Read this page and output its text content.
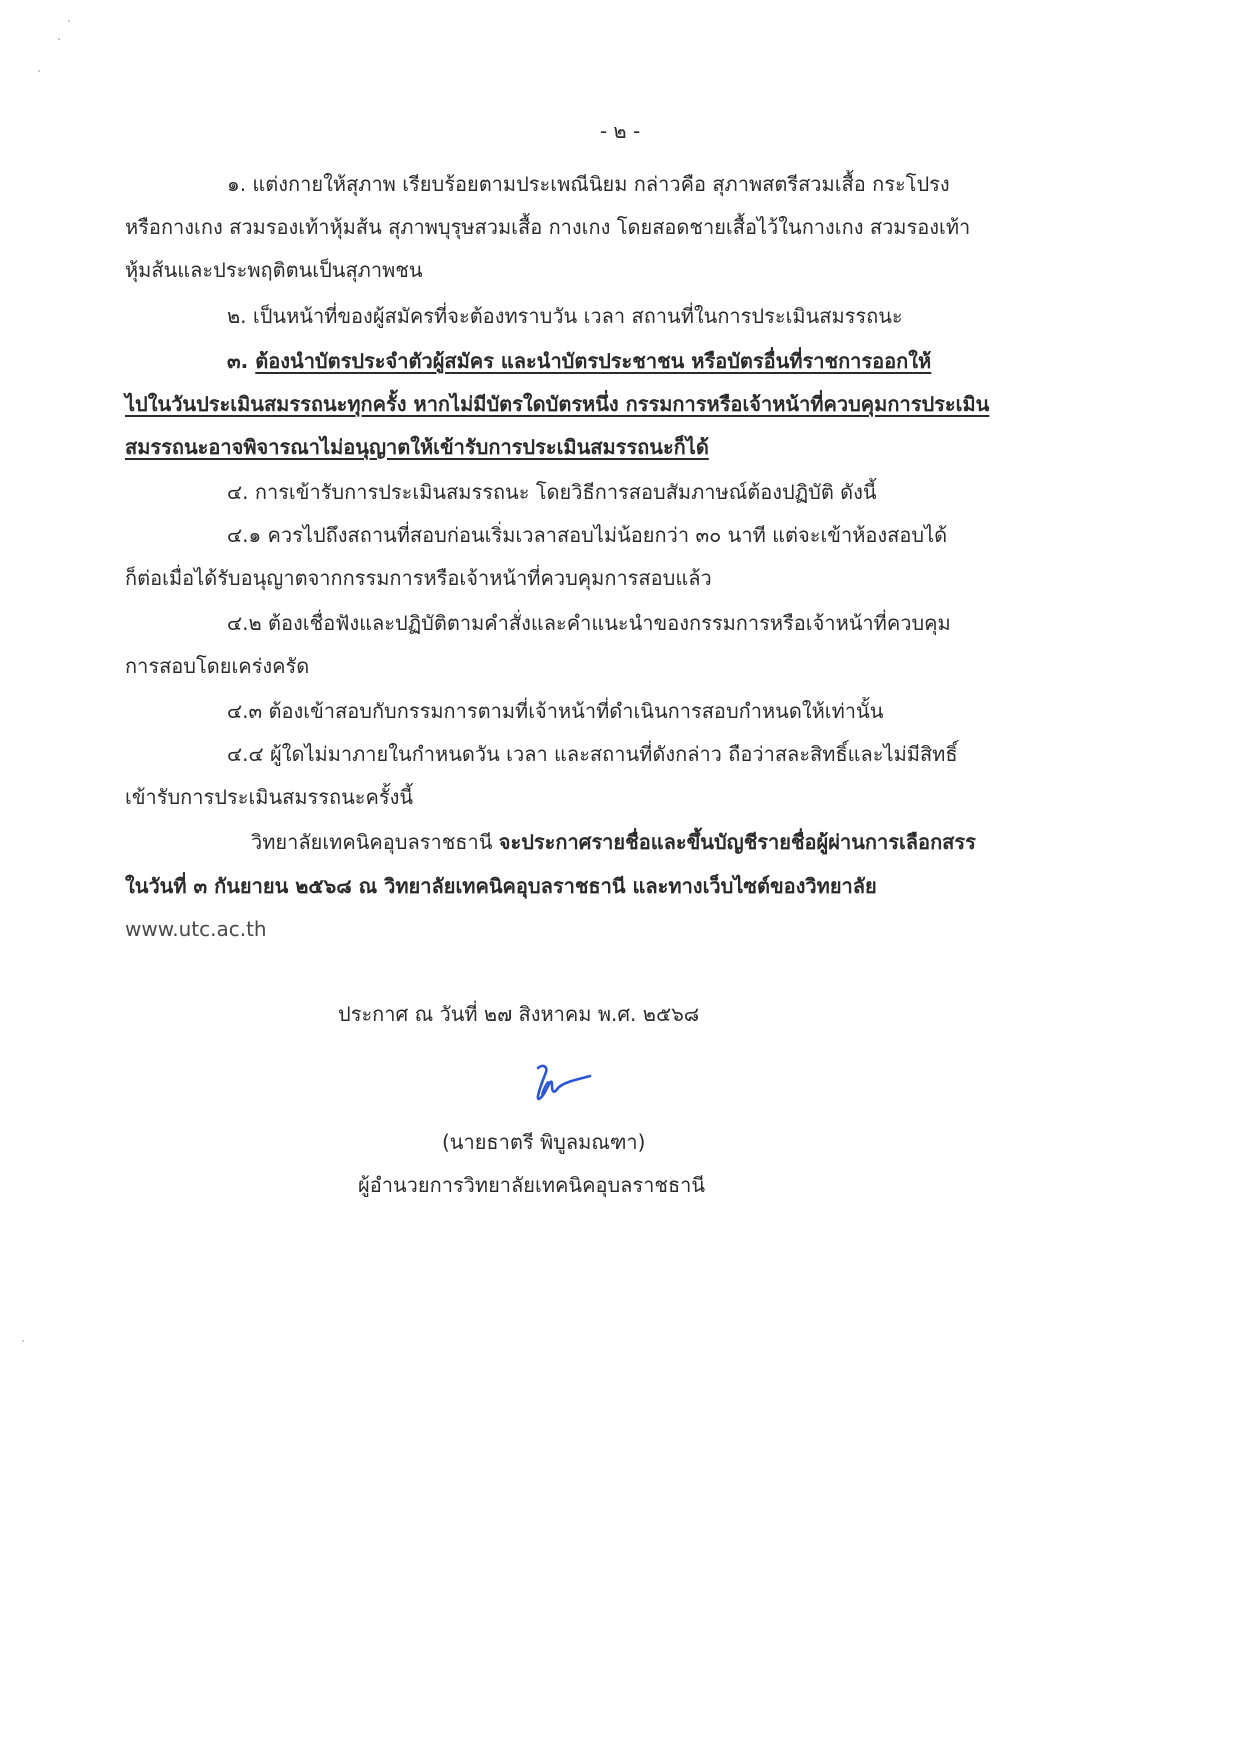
- ๒ -
๑. แต่งกายให้สุภาพ เรียบร้อยตามประเพณีนิยม กล่าวคือ สุภาพสตรีสวมเสื้อ กระโปรง
หรือกางเกง สวมรองเท้าหุ้มส้น สุภาพบุรุษสวมเสื้อ กางเกง โดยสอดชายเสื้อไว้ในกางเกง สวมรองเท้า
หุ้มส้นและประพฤติตนเป็นสุภาพชน
๒. เป็นหน้าที่ของผู้สมัครที่จะต้องทราบวัน เวลา สถานที่ในการประเมินสมรรถนะ
๓. ต้องนำบัตรประจำตัวผู้สมัคร และนำบัตรประชาชน หรือบัตรอื่นที่ราชการออกให้
ไปในวันประเมินสมรรถนะทุกครั้ง หากไม่มีบัตรใดบัตรหนึ่ง กรรมการหรือเจ้าหน้าที่ควบคุมการประเมิน
สมรรถนะอาจพิจารณาไม่อนุญาตให้เข้ารับการประเมินสมรรถนะก็ได้
๔. การเข้ารับการประเมินสมรรถนะ โดยวิธีการสอบสัมภาษณ์ต้องปฏิบัติ ดังนี้
๔.๑ ควรไปถึงสถานที่สอบก่อนเริ่มเวลาสอบไม่น้อยกว่า ๓๐ นาที แต่จะเข้าห้องสอบได้
ก็ต่อเมื่อได้รับอนุญาตจากกรรมการหรือเจ้าหน้าที่ควบคุมการสอบแล้ว
๔.๒ ต้องเชื่อฟังและปฏิบัติตามคำสั่งและคำแนะนำของกรรมการหรือเจ้าหน้าที่ควบคุม
การสอบโดยเคร่งครัด
๔.๓ ต้องเข้าสอบกับกรรมการตามที่เจ้าหน้าที่ดำเนินการสอบกำหนดให้เท่านั้น
๔.๔ ผู้ใดไม่มาภายในกำหนดวัน เวลา และสถานที่ดังกล่าว ถือว่าสละสิทธิ์และไม่มีสิทธิ์
เข้ารับการประเมินสมรรถนะครั้งนี้
วิทยาลัยเทคนิคอุบลราชธานี จะประกาศรายชื่อและขึ้นบัญชีรายชื่อผู้ผ่านการเลือกสรร
ในวันที่ ๓ กันยายน ๒๕๖๘ ณ วิทยาลัยเทคนิคอุบลราชธานี และทางเว็บไซต์ของวิทยาลัย
www.utc.ac.th
ประกาศ ณ วันที่ ๒๗ สิงหาคม พ.ศ. ๒๕๖๘
(นายธาตรี พิบูลมณฑา)
ผู้อำนวยการวิทยาลัยเทคนิคอุบลราชธานี
